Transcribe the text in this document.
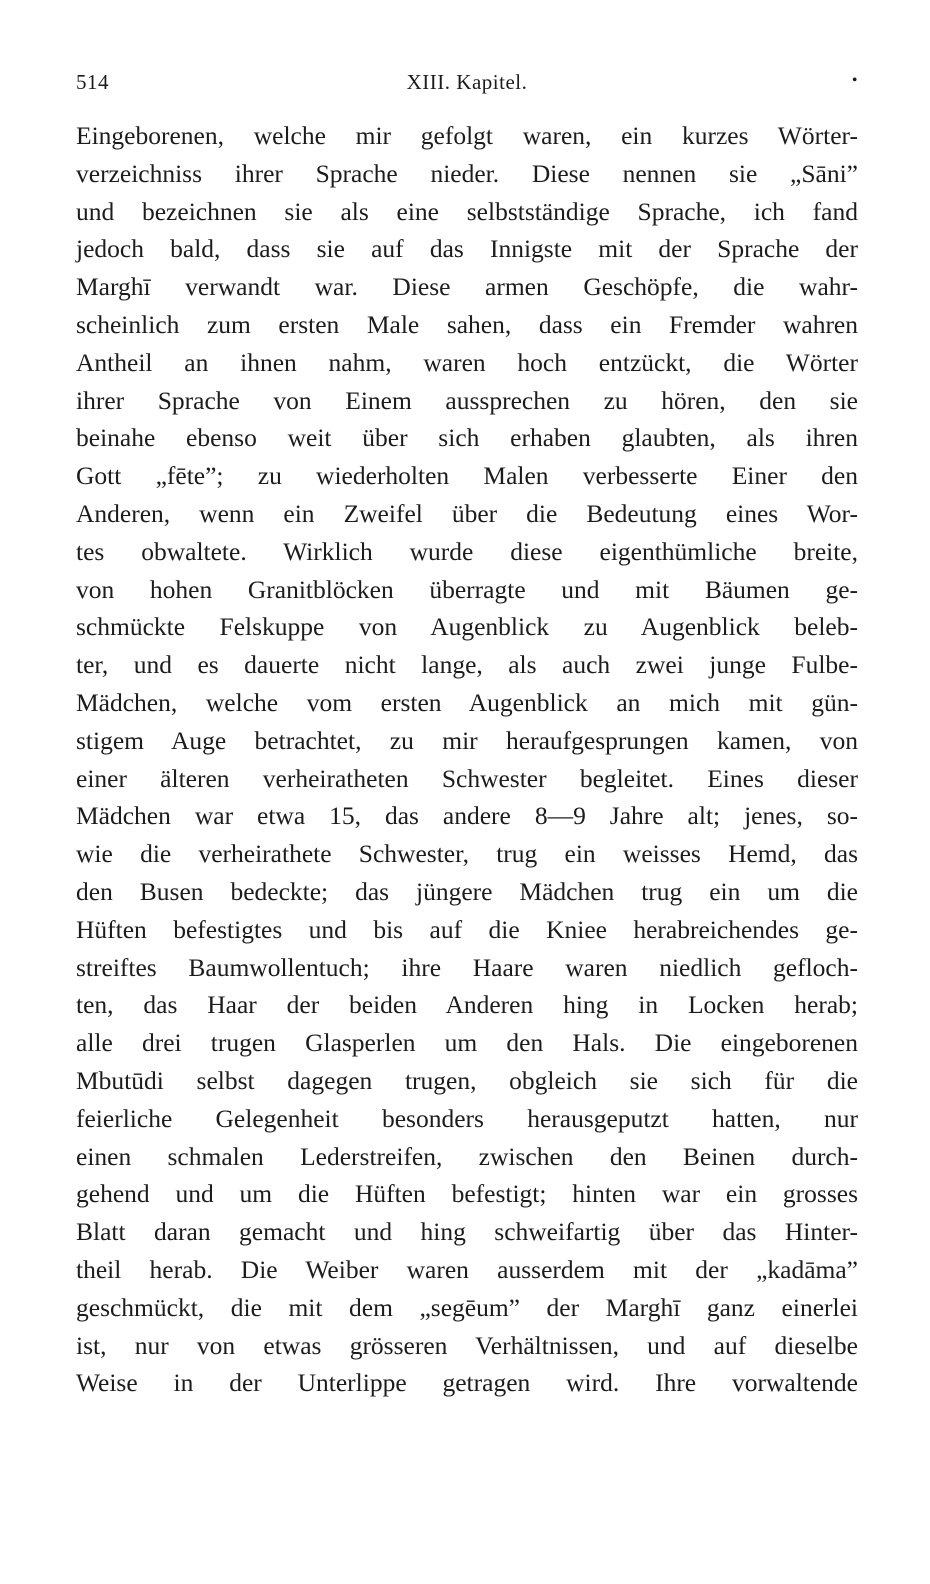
514	XIII. Kapitel.	•
Eingeborenen, welche mir gefolgt waren, ein kurzes Wörter-
verzeichniss ihrer Sprache nieder. Diese nennen sie „Sāni”
und bezeichnen sie als eine selbstständige Sprache, ich fand
jedoch bald, dass sie auf das Innigste mit der Sprache der
Marghī verwandt war. Diese armen Geschöpfe, die wahr-
scheinlich zum ersten Male sahen, dass ein Fremder wahren
Antheil an ihnen nahm, waren hoch entzückt, die Wörter
ihrer Sprache von Einem aussprechen zu hören, den sie
beinahe ebenso weit über sich erhaben glaubten, als ihren
Gott „fēte”; zu wiederholten Malen verbesserte Einer den
Anderen, wenn ein Zweifel über die Bedeutung eines Wor-
tes obwaltete. Wirklich wurde diese eigenthümliche breite,
von hohen Granitblöcken überragte und mit Bäumen ge-
schmückte Felskuppe von Augenblick zu Augenblick beleb-
ter, und es dauerte nicht lange, als auch zwei junge Fulbe-
Mädchen, welche vom ersten Augenblick an mich mit gün-
stigem Auge betrachtet, zu mir heraufgesprungen kamen, von
einer älteren verheiratheten Schwester begleitet. Eines dieser
Mädchen war etwa 15, das andere 8—9 Jahre alt; jenes, so-
wie die verheirathete Schwester, trug ein weisses Hemd, das
den Busen bedeckte; das jüngere Mädchen trug ein um die
Hüften befestigtes und bis auf die Kniee herabreichendes ge-
streiftes Baumwollentuch; ihre Haare waren niedlich gefloch-
ten, das Haar der beiden Anderen hing in Locken herab;
alle drei trugen Glasperlen um den Hals. Die eingeborenen
Mbutūdi selbst dagegen trugen, obgleich sie sich für die
feierliche Gelegenheit besonders herausgeputzt hatten, nur
einen schmalen Lederstreifen, zwischen den Beinen durch-
gehend und um die Hüften befestigt; hinten war ein grosses
Blatt daran gemacht und hing schweifartig über das Hinter-
theil herab. Die Weiber waren ausserdem mit der „kadāma”
geschmückt, die mit dem „segēum” der Marghī ganz einerlei
ist, nur von etwas grösseren Verhältnissen, und auf dieselbe
Weise in der Unterlippe getragen wird. Ihre vorwaltende
